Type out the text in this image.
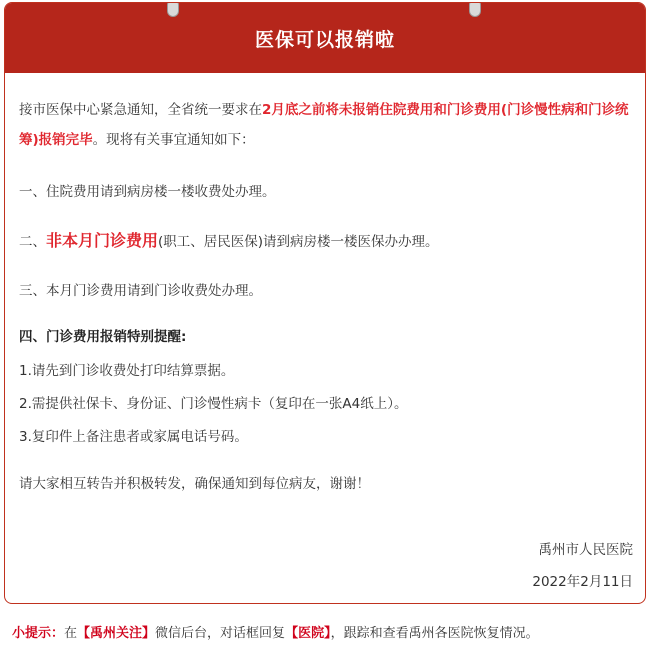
医保可以报销啦

接市医保中心紧急通知，全省统一要求在2月底之前将未报销住院费用和门诊费用(门诊慢性病和门诊统筹)报销完毕。现将有关事宜通知如下：

一、住院费用请到病房楼一楼收费处办理。

二、非本月门诊费用(职工、居民医保)请到病房楼一楼医保办办理。

三、本月门诊费用请到门诊收费处办理。

四、门诊费用报销特别提醒:

1.请先到门诊收费处打印结算票据。

2.需提供社保卡、身份证、门诊慢性病卡（复印在一张A4纸上）。

3.复印件上备注患者或家属电话号码。

请大家相互转告并积极转发，确保通知到每位病友，谢谢！

禹州市人民医院
2022年2月11日
小提示：在【禹州关注】微信后台，对话框回复【医院】，跟踪和查看禹州各医院恢复情况。
